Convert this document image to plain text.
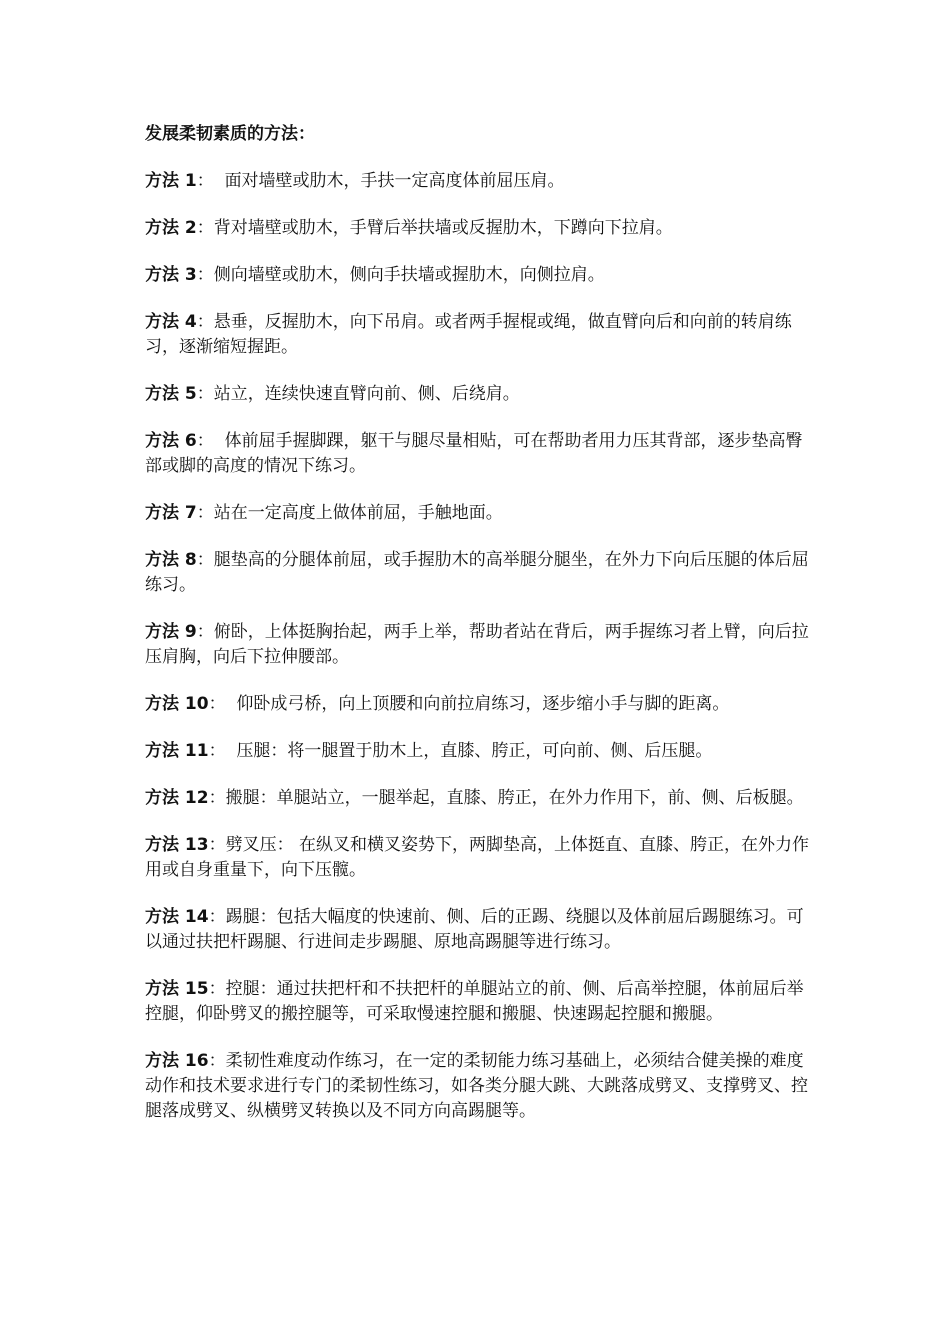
发展柔韧素质的方法：

方法 1：  面对墙壁或肋木，手扶一定高度体前屈压肩。

方法 2：背对墙壁或肋木，手臂后举扶墙或反握肋木，下蹲向下拉肩。

方法 3：侧向墙壁或肋木，侧向手扶墙或握肋木，向侧拉肩。

方法 4：悬垂，反握肋木，向下吊肩。或者两手握棍或绳，做直臂向后和向前的转肩练习，逐渐缩短握距。

方法 5：站立，连续快速直臂向前、侧、后绕肩。

方法 6：  体前屈手握脚踝，躯干与腿尽量相贴，可在帮助者用力压其背部，逐步垫高臀部或脚的高度的情况下练习。

方法 7：站在一定高度上做体前屈，手触地面。

方法 8：腿垫高的分腿体前屈，或手握肋木的高举腿分腿坐，在外力下向后压腿的体后屈练习。

方法 9：俯卧，上体挺胸抬起，两手上举，帮助者站在背后，两手握练习者上臂，向后拉压肩胸，向后下拉伸腰部。

方法 10：  仰卧成弓桥，向上顶腰和向前拉肩练习，逐步缩小手与脚的距离。

方法 11：  压腿：将一腿置于肋木上，直膝、胯正，可向前、侧、后压腿。

方法 12：搬腿：单腿站立，一腿举起，直膝、胯正，在外力作用下，前、侧、后板腿。

方法 13：劈叉压： 在纵叉和横叉姿势下，两脚垫高，上体挺直、直膝、胯正，在外力作用或自身重量下，向下压髋。

方法 14：踢腿：包括大幅度的快速前、侧、后的正踢、绕腿以及体前屈后踢腿练习。可以通过扶把杆踢腿、行进间走步踢腿、原地高踢腿等进行练习。

方法 15：控腿：通过扶把杆和不扶把杆的单腿站立的前、侧、后高举控腿，体前屈后举控腿，仰卧劈叉的搬控腿等，可采取慢速控腿和搬腿、快速踢起控腿和搬腿。

方法 16：柔韧性难度动作练习，在一定的柔韧能力练习基础上，必须结合健美操的难度动作和技术要求进行专门的柔韧性练习，如各类分腿大跳、大跳落成劈叉、支撑劈叉、控腿落成劈叉、纵横劈叉转换以及不同方向高踢腿等。
